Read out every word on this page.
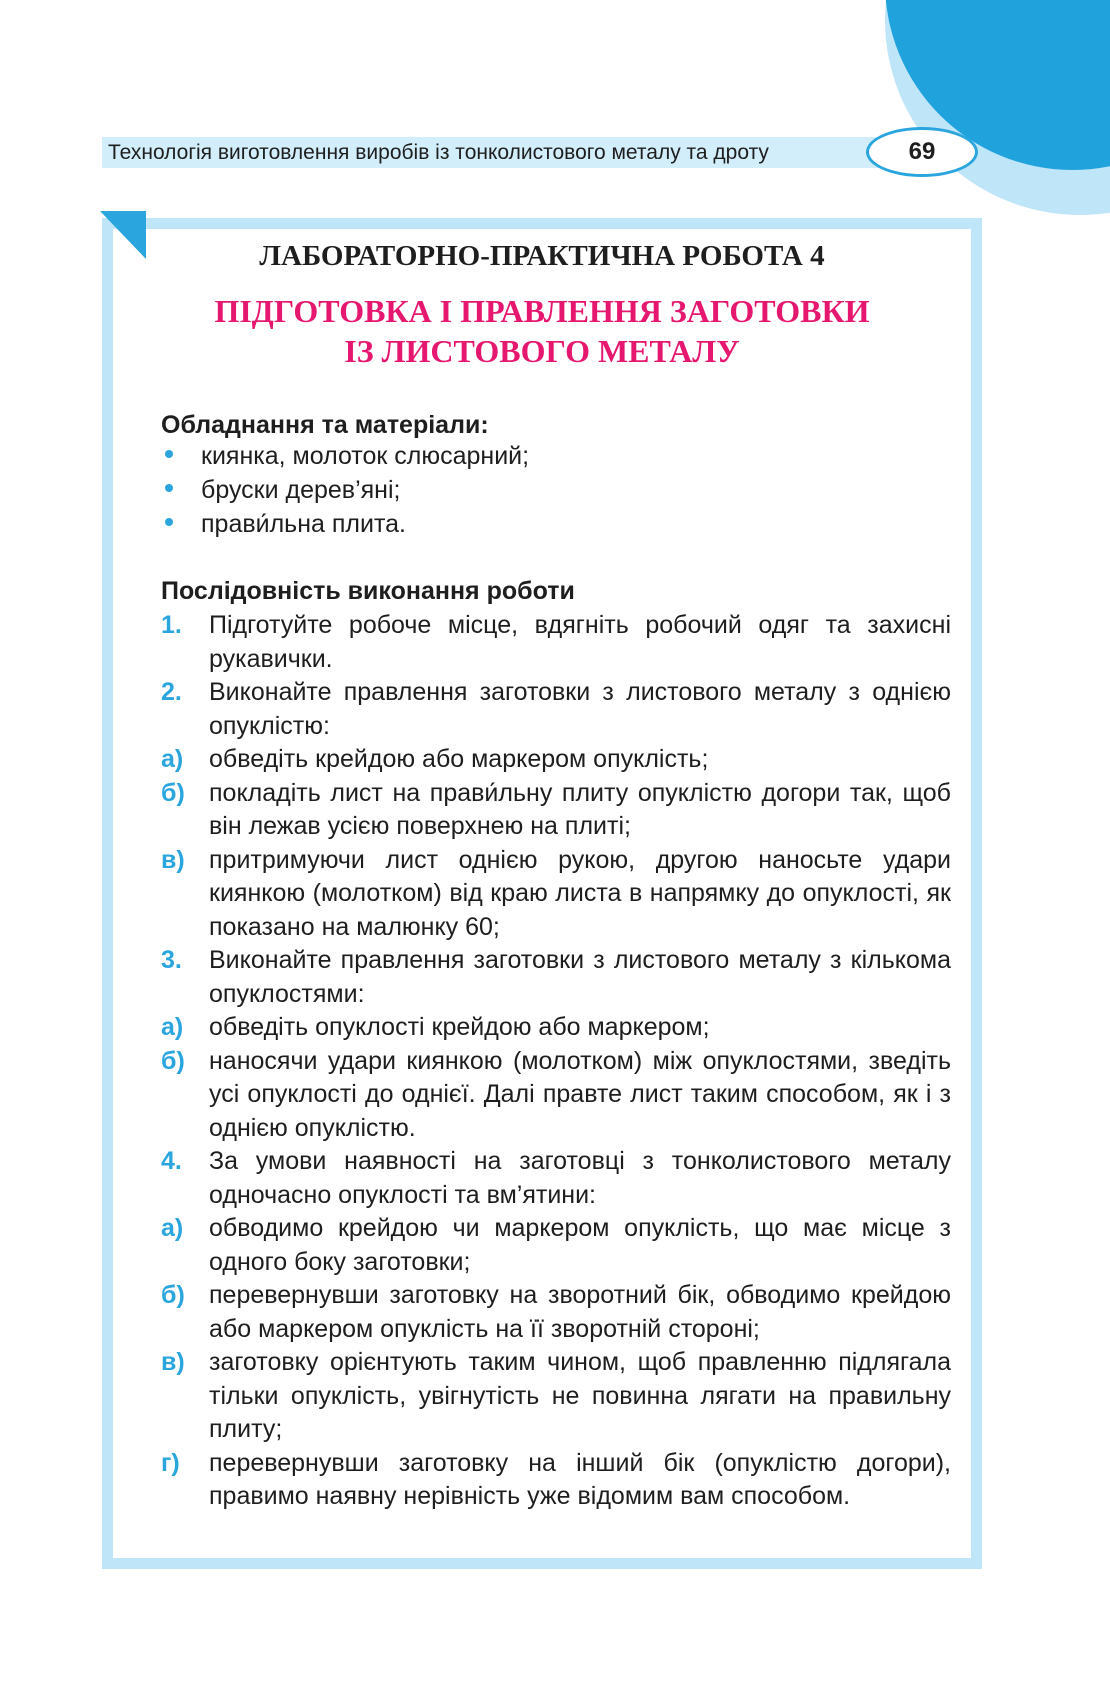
Технологія виготовлення виробів із тонколистового металу та дроту	69
ЛАБОРАТОРНО-ПРАКТИЧНА РОБОТА 4
ПІДГОТОВКА І ПРАВЛЕННЯ ЗАГОТОВКИ
ІЗ ЛИСТОВОГО МЕТАЛУ
Обладнання та матеріали:
киянка, молоток слюсарний;
бруски дерев’яні;
прави́льна плита.
Послідовність виконання роботи
1.	Підготуйте робоче місце, вдягніть робочий одяг та захисні рукавички.
2.	Виконайте правлення заготовки з листового металу з однією опуклістю:
а)	обведіть крейдою або маркером опуклість;
б) покладіть лист на прави́льну плиту опуклістю догори так, щоб він лежав усією поверхнею на плиті;
в) притримуючи лист однією рукою, другою наносьте удари киянкою (молотком) від краю листа в напрямку до опуклості, як показано на малюнку 60;
3.	Виконайте правлення заготовки з листового металу з кількома опуклостями:
а)	обведіть опуклості крейдою або маркером;
б) наносячи удари киянкою (молотком) між опуклостями, зведіть усі опуклості до однієї. Далі правте лист таким способом, як і з однією опуклістю.
4.	За умови наявності на заготовці з тонколистового металу одночасно опуклості та вм’ятини:
а)	обводимо крейдою чи маркером опуклість, що має місце з одного боку заготовки;
б) перевернувши заготовку на зворотний бік, обводимо крейдою або маркером опуклість на її зворотній стороні;
в) заготовку орієнтують таким чином, щоб правленню підлягала тільки опуклість, увігнутість не повинна лягати на правильну плиту;
г)	перевернувши заготовку на інший бік (опуклістю догори), правимо наявну нерівність уже відомим вам способом.
